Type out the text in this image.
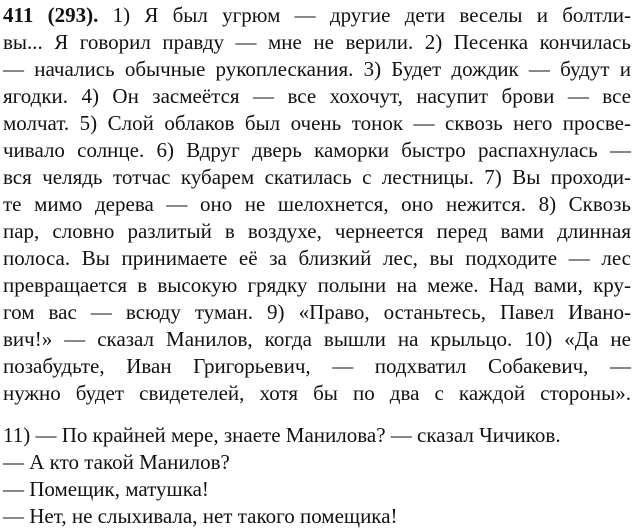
411 (293). 1) Я был угрюм — другие дети веселы и болтли-
вы... Я говорил правду — мне не верили. 2) Песенка кончилась
— начались обычные рукоплескания. 3) Будет дождик — будут и
ягодки. 4) Он засмеётся — все хохочут, насупит брови — все
молчат. 5) Слой облаков был очень тонок — сквозь него просве-
чивало солнце. 6) Вдруг дверь каморки быстро распахнулась —
вся челядь тотчас кубарем скатилась с лестницы. 7) Вы проходи-
те мимо дерева — оно не шелохнется, оно нежится. 8) Сквозь
пар, словно разлитый в воздухе, чернеется перед вами длинная
полоса. Вы принимаете её за близкий лес, вы подходите — лес
превращается в высокую грядку полыни на меже. Над вами, кру-
гом вас — всюду туман. 9) «Право, останьтесь, Павел Ивано-
вич!» — сказал Манилов, когда вышли на крыльцо. 10) «Да не
позабудьте, Иван Григорьевич, — подхватил Собакевич, —
нужно будет свидетелей, хотя бы по два с каждой стороны».
11) — По крайней мере, знаете Манилова? — сказал Чичиков.
— А кто такой Манилов?
— Помещик, матушка!
— Нет, не слыхивала, нет такого помещика!
